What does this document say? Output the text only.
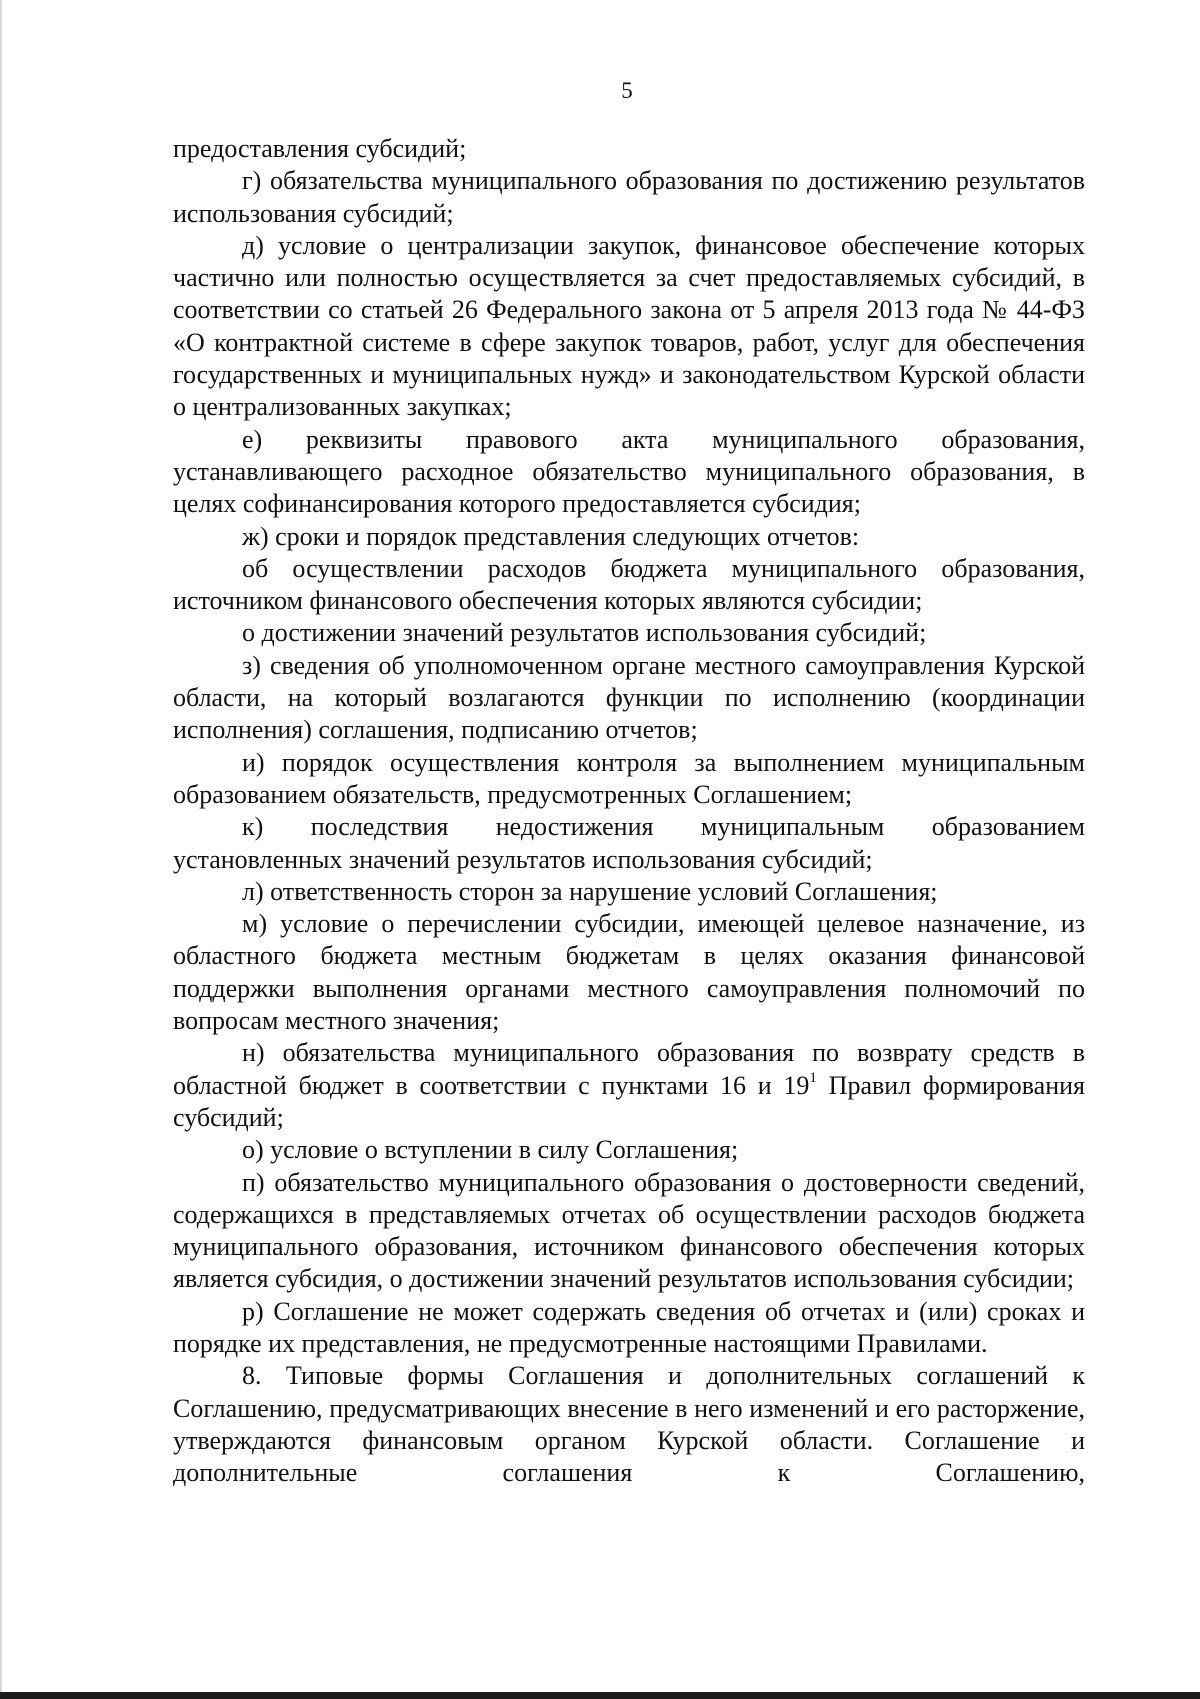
5

предоставления субсидий;

г) обязательства муниципального образования по достижению результатов использования субсидий;

д) условие о централизации закупок, финансовое обеспечение которых частично или полностью осуществляется за счет предоставляемых субсидий, в соответствии со статьей 26 Федерального закона от 5 апреля 2013 года № 44-ФЗ «О контрактной системе в сфере закупок товаров, работ, услуг для обеспечения государственных и муниципальных нужд» и законодательством Курской области о централизованных закупках;

е) реквизиты правового акта муниципального образования, устанавливающего расходное обязательство муниципального образования, в целях софинансирования которого предоставляется субсидия;

ж) сроки и порядок представления следующих отчетов:

об осуществлении расходов бюджета муниципального образования, источником финансового обеспечения которых являются субсидии;

о достижении значений результатов использования субсидий;

з) сведения об уполномоченном органе местного самоуправления Курской области, на который возлагаются функции по исполнению (координации исполнения) соглашения, подписанию отчетов;

и) порядок осуществления контроля за выполнением муниципальным образованием обязательств, предусмотренных Соглашением;

к) последствия недостижения муниципальным образованием установленных значений результатов использования субсидий;

л) ответственность сторон за нарушение условий Соглашения;

м) условие о перечислении субсидии, имеющей целевое назначение, из областного бюджета местным бюджетам в целях оказания финансовой поддержки выполнения органами местного самоуправления полномочий по вопросам местного значения;

н) обязательства муниципального образования по возврату средств в областной бюджет в соответствии с пунктами 16 и $19^1$ Правил формирования субсидий;

о) условие о вступлении в силу Соглашения;

п) обязательство муниципального образования о достоверности сведений, содержащихся в представляемых отчетах об осуществлении расходов бюджета муниципального образования, источником финансового обеспечения которых является субсидия, о достижении значений результатов использования субсидии;

р) Соглашение не может содержать сведения об отчетах и (или) сроках и порядке их представления, не предусмотренные настоящими Правилами.

8. Типовые формы Соглашения и дополнительных соглашений к Соглашению, предусматривающих внесение в него изменений и его расторжение, утверждаются финансовым органом Курской области. Соглашение и дополнительные соглашения к Соглашению,
